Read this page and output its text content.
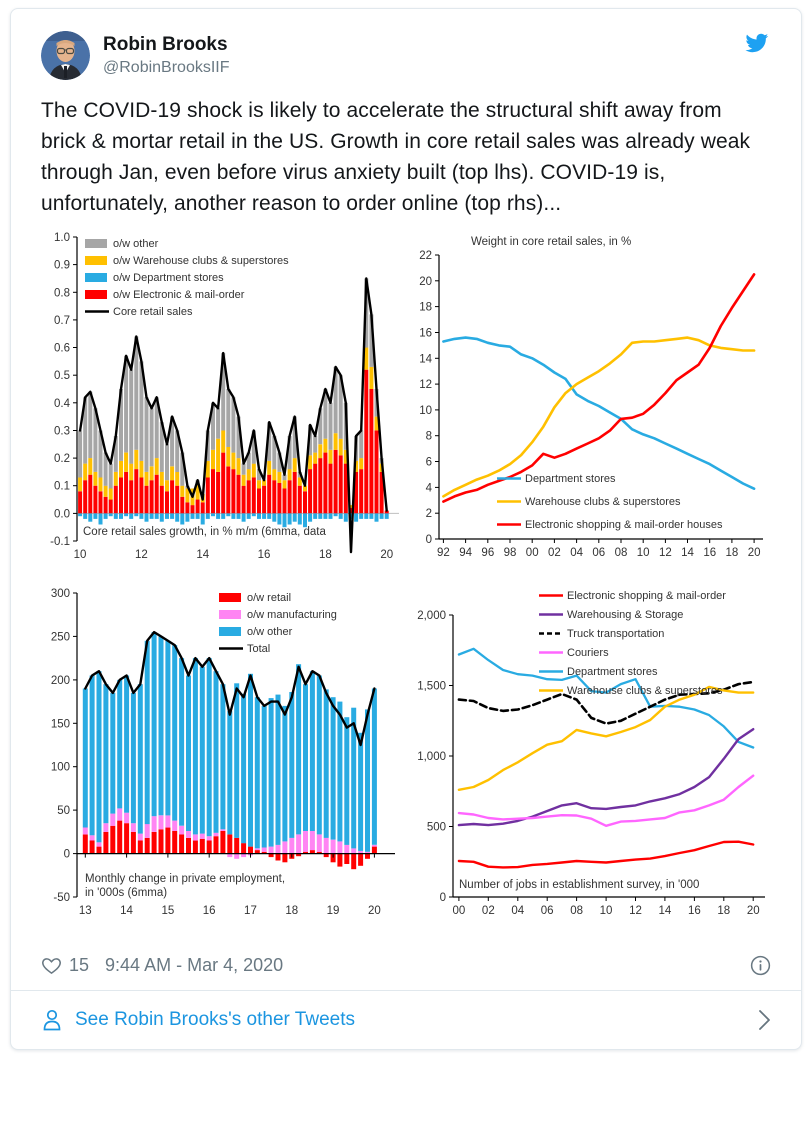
Robin Brooks
@RobinBrooksIIF

The COVID-19 shock is likely to accelerate the structural shift away from brick & mortar retail in the US. Growth in core retail sales was already weak through Jan, even before virus anxiety built (top lhs). COVID-19 is, unfortunately, another reason to order online (top rhs)...

-0.1
0.0
0.1
0.2
0.3
0.4
0.5
0.6
0.7
0.8
0.9
1.0
10	12	14	16	18	20
o/w other
o/w Warehouse clubs & superstores
o/w Department stores
o/w Electronic & mail-order
Core retail sales
Core retail sales growth, in % m/m (6mma, data
0
2
4
6
8
10
12
14
16
18
20
22
92 94 96 98 00 02 04 06 08 10 12 14 16 18 20
Department stores
Warehouse clubs & superstores
Electronic shopping & mail-order houses
Weight in core retail sales, in %
-50
0
50
100
150
200
250
300
13 14 15 16 17 18 19 20
o/w retail
o/w manufacturing
o/w other
Total
Monthly change in private employment,
in '000s (6mma)	0
500
1,000
1,500
2,000
00 02 04 06 08 10 12 14 16 18 20
Electronic shopping & mail-order
Warehousing & Storage
Truck transportation
Couriers
Department stores
Warehouse clubs & superstores
Number of jobs in establishment survey, in '000
15 9:44 AM - Mar 4, 2020
See Robin Brooks's other Tweets
